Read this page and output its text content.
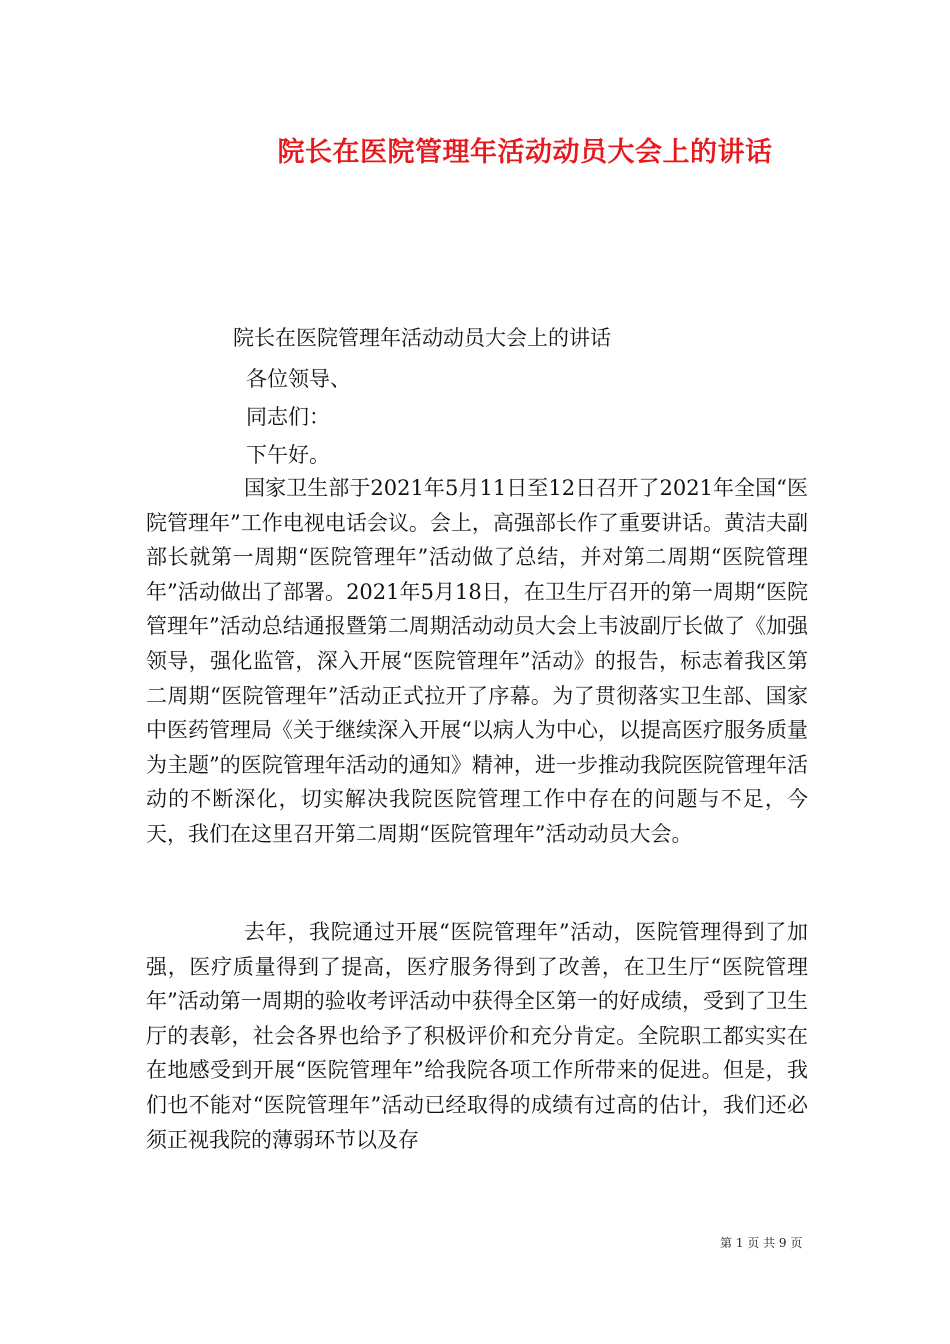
院长在医院管理年活动动员大会上的讲话
院长在医院管理年活动动员大会上的讲话
各位领导、
同志们：
下午好。

国家卫生部于2021年5月11日至12日召开了2021年全国“医院管理年”工作电视电话会议。会上，高强部长作了重要讲话。黄洁夫副部长就第一周期“医院管理年”活动做了总结，并对第二周期“医院管理年”活动做出了部署。2021年5月18日，在卫生厅召开的第一周期“医院管理年”活动总结通报暨第二周期活动动员大会上韦波副厅长做了《加强领导，强化监管，深入开展“医院管理年”活动》的报告，标志着我区第二周期“医院管理年”活动正式拉开了序幕。为了贯彻落实卫生部、国家中医药管理局《关于继续深入开展“以病人为中心，以提高医疗服务质量为主题”的医院管理年活动的通知》精神，进一步推动我院医院管理年活动的不断深化，切实解决我院医院管理工作中存在的问题与不足，今天，我们在这里召开第二周期“医院管理年”活动动员大会。

去年，我院通过开展“医院管理年”活动，医院管理得到了加强，医疗质量得到了提高，医疗服务得到了改善，在卫生厅“医院管理年”活动第一周期的验收考评活动中获得全区第一的好成绩，受到了卫生厅的表彰，社会各界也给予了积极评价和充分肯定。全院职工都实实在在地感受到开展“医院管理年”给我院各项工作所带来的促进。但是，我们也不能对“医院管理年”活动已经取得的成绩有过高的估计，我们还必须正视我院的薄弱环节以及存

第 1 页 共 9 页
